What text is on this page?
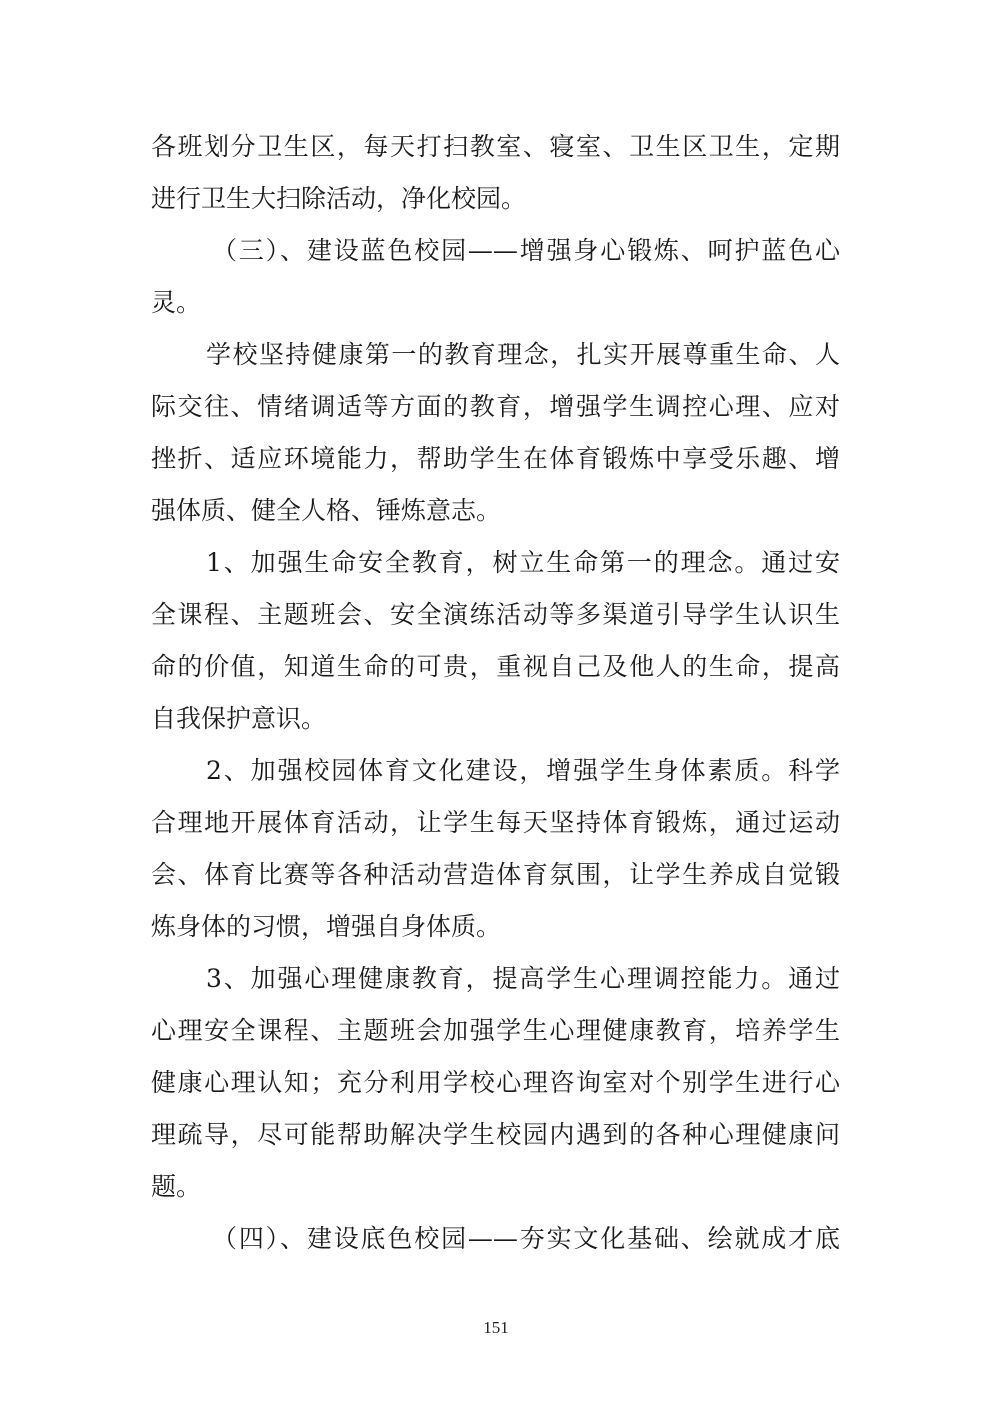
各班划分卫生区，每天打扫教室、寝室、卫生区卫生，定期
进行卫生大扫除活动，净化校园。
（三）、建设蓝色校园——增强身心锻炼、呵护蓝色心
灵。
学校坚持健康第一的教育理念，扎实开展尊重生命、人
际交往、情绪调适等方面的教育，增强学生调控心理、应对
挫折、适应环境能力，帮助学生在体育锻炼中享受乐趣、增
强体质、健全人格、锤炼意志。
1、加强生命安全教育，树立生命第一的理念。通过安
全课程、主题班会、安全演练活动等多渠道引导学生认识生
命的价值，知道生命的可贵，重视自己及他人的生命，提高
自我保护意识。
2、加强校园体育文化建设，增强学生身体素质。科学
合理地开展体育活动，让学生每天坚持体育锻炼，通过运动
会、体育比赛等各种活动营造体育氛围，让学生养成自觉锻
炼身体的习惯，增强自身体质。
3、加强心理健康教育，提高学生心理调控能力。通过
心理安全课程、主题班会加强学生心理健康教育，培养学生
健康心理认知；充分利用学校心理咨询室对个别学生进行心
理疏导，尽可能帮助解决学生校园内遇到的各种心理健康问
题。
（四）、建设底色校园——夯实文化基础、绘就成才底
151
